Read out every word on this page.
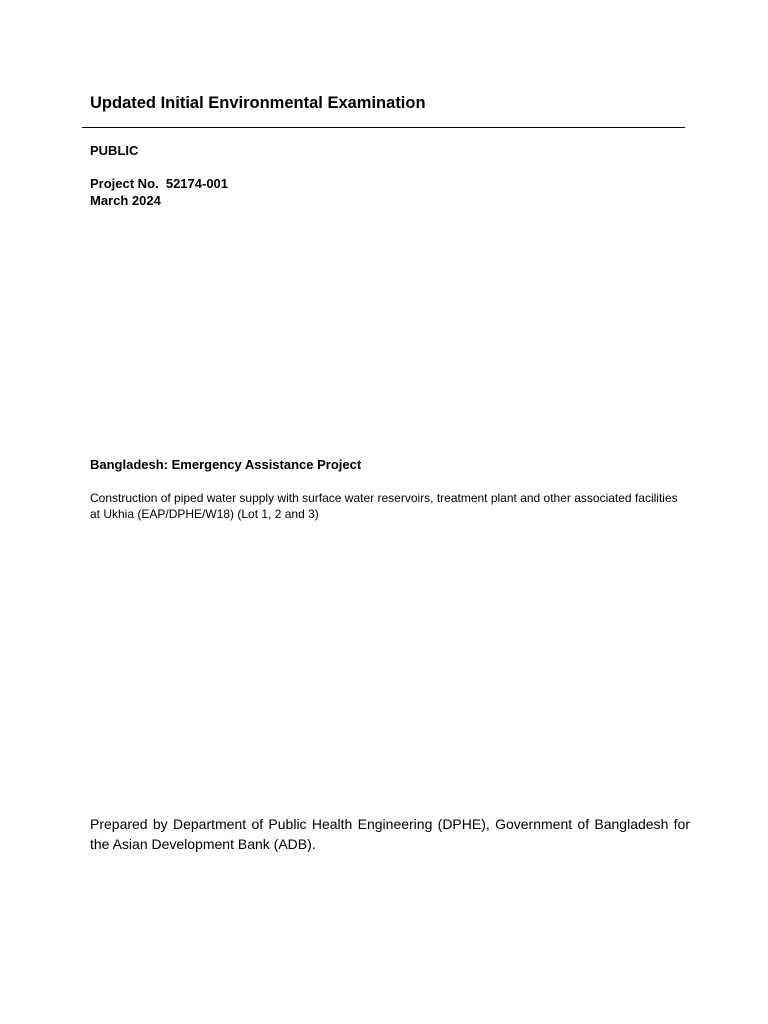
Updated Initial Environmental Examination
PUBLIC
Project No.  52174-001
March 2024
Bangladesh: Emergency Assistance Project
Construction of piped water supply with surface water reservoirs, treatment plant and other associated facilities at Ukhia (EAP/DPHE/W18) (Lot 1, 2 and 3)
Prepared by Department of Public Health Engineering (DPHE), Government of Bangladesh for the Asian Development Bank (ADB).
